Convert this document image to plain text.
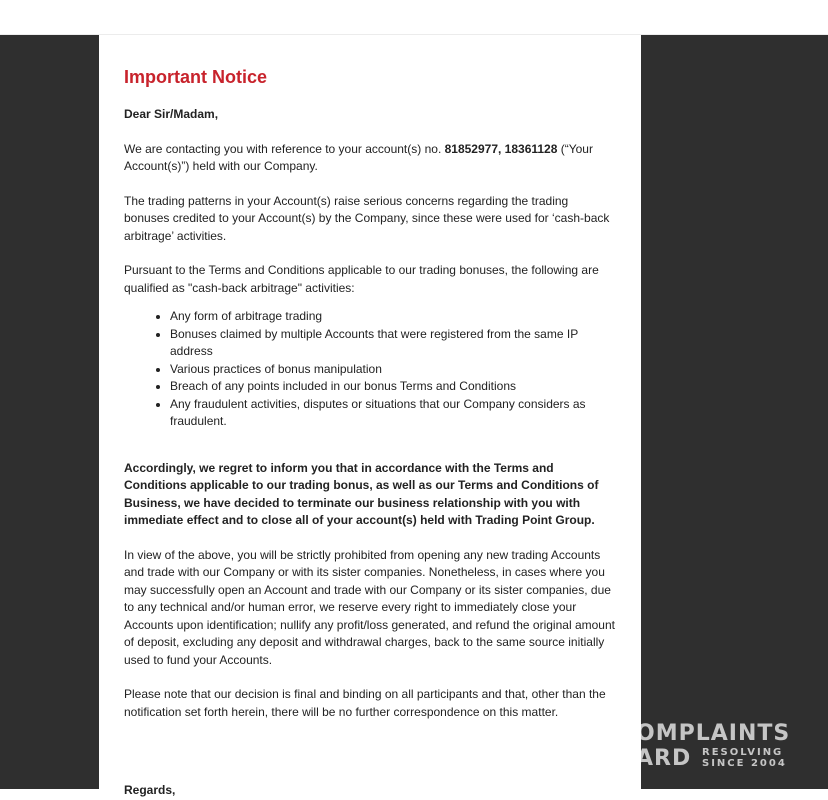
Important Notice
Dear Sir/Madam,
We are contacting you with reference to your account(s) no. 81852977, 18361128 (“Your Account(s)”) held with our Company.
The trading patterns in your Account(s) raise serious concerns regarding the trading bonuses credited to your Account(s) by the Company, since these were used for ‘cash-back arbitrage’ activities.
Pursuant to the Terms and Conditions applicable to our trading bonuses, the following are qualified as "cash-back arbitrage" activities:
• Any form of arbitrage trading
• Bonuses claimed by multiple Accounts that were registered from the same IP address
• Various practices of bonus manipulation
• Breach of any points included in our bonus Terms and Conditions
• Any fraudulent activities, disputes or situations that our Company considers as fraudulent.
Accordingly, we regret to inform you that in accordance with the Terms and Conditions applicable to our trading bonus, as well as our Terms and Conditions of Business, we have decided to terminate our business relationship with you with immediate effect and to close all of your account(s) held with Trading Point Group.
In view of the above, you will be strictly prohibited from opening any new trading Accounts and trade with our Company or with its sister companies. Nonetheless, in cases where you may successfully open an Account and trade with our Company or its sister companies, due to any technical and/or human error, we reserve every right to immediately close your Accounts upon identification; nullify any profit/loss generated, and refund the original amount of deposit, excluding any deposit and withdrawal charges, back to the same source initially used to fund your Accounts.
Please note that our decision is final and binding on all participants and that, other than the notification set forth herein, there will be no further correspondence on this matter.
Regards,
OMPLAINTS
ARD RESOLVING
SINCE 2004
